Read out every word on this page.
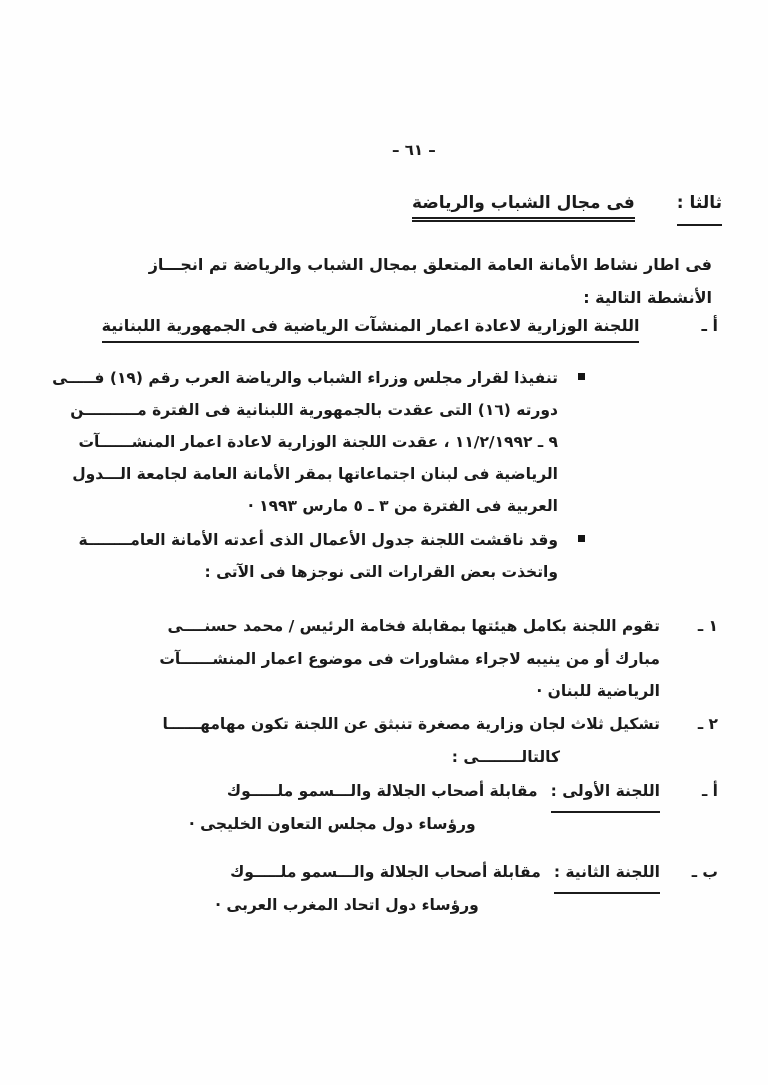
– ٦١ –
ثالثا :
فى مجال الشباب والرياضة
فى اطار نشاط الأمانة العامة المتعلق بمجال الشباب والرياضة تم انجـــاز
الأنشطة التالية :
أ ـ
اللجنة الوزارية لاعادة اعمار المنشآت الرياضية فى الجمهورية اللبنانية
تنفيذا لقرار مجلس وزراء الشباب والرياضة العرب رقم (١٩) فـــــى
دورته (١٦) التى عقدت بالجمهورية اللبنانية فى الفترة مــــــــــن
٩ ـ ١١/٢/١٩٩٢ ، عقدت اللجنة الوزارية لاعادة اعمار المنشــــــآت
الرياضية فى لبنان اجتماعاتها بمقر الأمانة العامة لجامعة الـــدول
العربية فى الفترة من ٣ ـ ٥ مارس ١٩٩٣ ·
وقد ناقشت اللجنة جدول الأعمال الذى أعدته الأمانة العامــــــــة
واتخذت بعض القرارات التى نوجزها فى الآتى :
١ ـ
تقوم اللجنة بكامل هيئتها بمقابلة فخامة الرئيس / محمد حسنــــى
مبارك أو من ينيبه لاجراء مشاورات فى موضوع اعمار المنشــــــآت
الرياضية للبنان ·
٢ ـ
تشكيل ثلاث لجان وزارية مصغرة تنبثق عن اللجنة تكون مهامهــــــا
كالتالــــــــى :
أ ـ
اللجنة الأولى :
مقابلة أصحاب الجلالة والـــسمو ملـــــوك
ورؤساء دول مجلس التعاون الخليجى ·
ب ـ
اللجنة الثانية :
مقابلة أصحاب الجلالة والـــسمو ملـــــوك
ورؤساء دول اتحاد المغرب العربى ·
